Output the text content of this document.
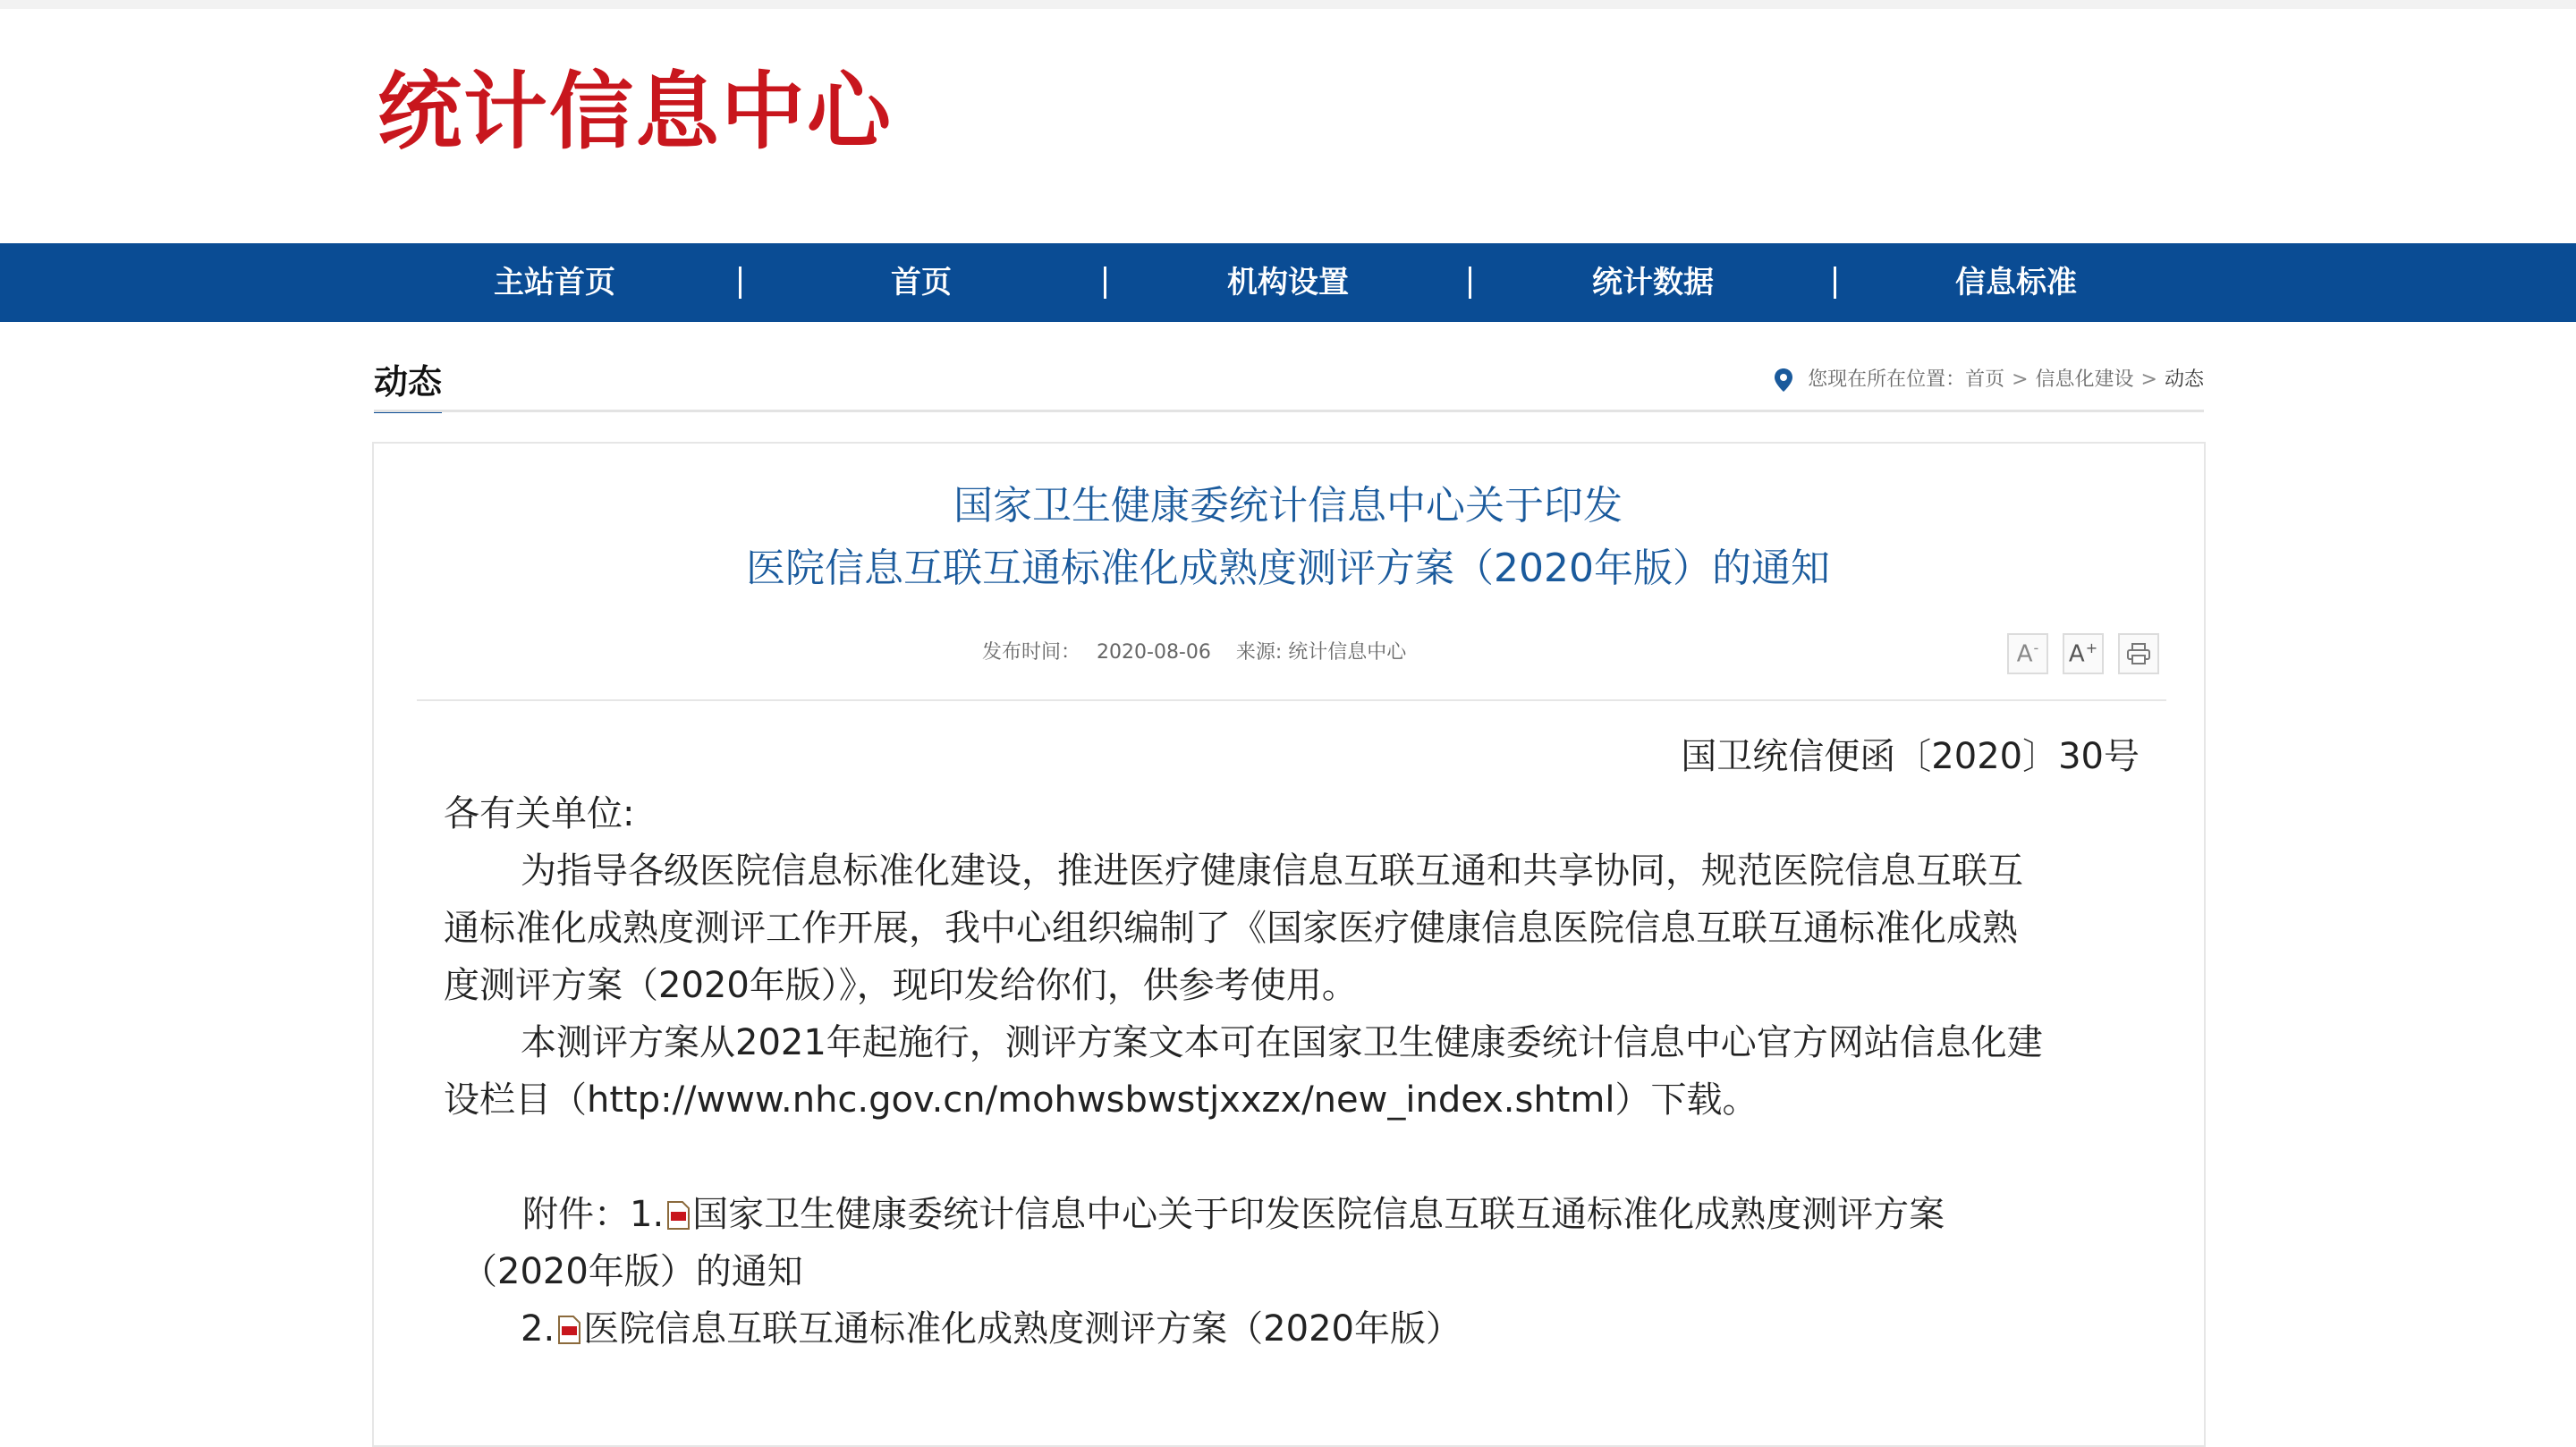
统计信息中心
主站首页	首页	机构设置	统计数据	信息标准
动态	您现在所在位置： 首页 > 信息化建设 > 动态
国家卫生健康委统计信息中心关于印发
医院信息互联互通标准化成熟度测评方案（2020年版）的通知
发布时间： 2020-08-06 来源: 统计信息中心	A- A+
国卫统信便函〔2020〕30号
各有关单位:
为指导各级医院信息标准化建设，推进医疗健康信息互联互通和共享协同，规范医院信息互联互
通标准化成熟度测评工作开展，我中心组织编制了《国家医疗健康信息医院信息互联互通标准化成熟
度测评方案（2020年版）》，现印发给你们，供参考使用。
本测评方案从2021年起施行，测评方案文本可在国家卫生健康委统计信息中心官方网站信息化建
设栏目（http://www.nhc.gov.cn/mohwsbwstjxxzx/new_index.shtml）下载。
附件：1. 国家卫生健康委统计信息中心关于印发医院信息互联互通标准化成熟度测评方案
（2020年版）的通知
2. 医院信息互联互通标准化成熟度测评方案（2020年版）
